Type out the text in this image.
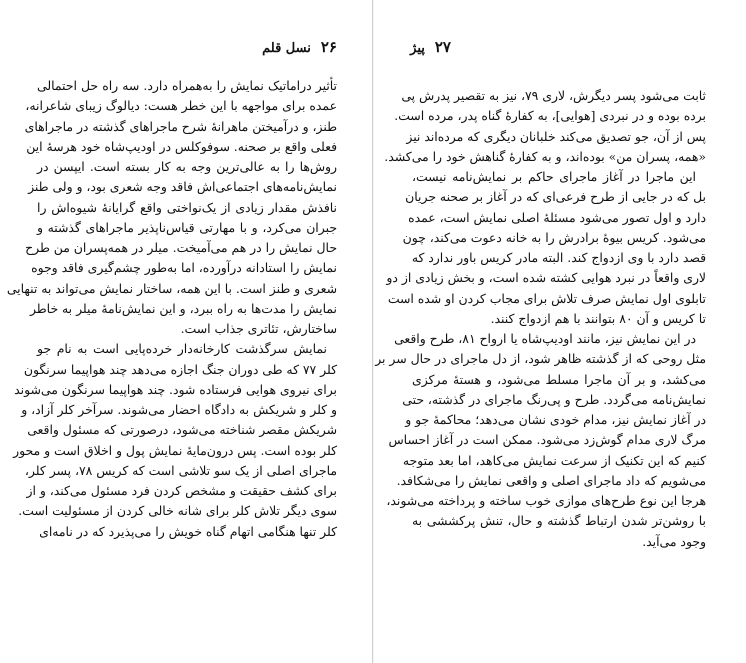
۲۶
نسل قلم
تأثیر دراماتیک نمایش را به‌همراه دارد. سه راه حل احتمالی
عمده برای مواجهه با این خطر هست: دیالوگ زیبای شاعرانه،
طنز، و درآمیختن ماهرانهٔ شرح ماجراهای گذشته در ماجراهای
فعلی واقع بر صحنه. سوفوکلس در اودیپ‌شاه خود هرسهٔ این
روش‌ها را به عالی‌ترین وجه به کار بسته است. ایپسن در
نمایش‌نامه‌های اجتماعی‌اش فاقد وجه شعری بود، و ولی طنز
نافذش مقدار زیادی از یک‌نواختی واقع گرایانهٔ شیوه‌اش را
جبران می‌کرد، و با مهارتی قیاس‌ناپذیر ماجراهای گذشته و
حال نمایش را در هم می‌آمیخت. میلر در همه‌پسران من طرح
نمایش را استادانه درآورده، اما به‌طور چشم‌گیری فاقد وجوه
شعری و طنز است. با این همه، ساختار نمایش می‌تواند به تنهایی
نمایش را مدت‌ها به راه ببرد، و این نمایش‌نامهٔ میلر به خاطر
ساختارش، تئاتری جذاب است.
نمایش سرگذشت کارخانه‌دار خرده‌پایی است به نام جو
کلر ۷۷ که طی دوران جنگ اجازه می‌دهد چند هواپیما سرنگون
برای نیروی هوایی فرستاده شود. چند هواپیما سرنگون می‌شوند
و کلر و شریکش به دادگاه احضار می‌شوند. سرآخر کلر آزاد، و
شریکش مقصر شناخته می‌شود، درصورتی که مسئول واقعی
کلر بوده است. پس درون‌مایهٔ نمایش پول و اخلاق است و محور
ماجرای اصلی از یک سو تلاشی است که کریس ۷۸، پسر کلر،
برای کشف حقیقت و مشخص کردن فرد مسئول می‌کند، و از
سوی دیگر تلاش کلر برای شانه خالی کردن از مسئولیت است.
کلر تنها هنگامی اتهام گناه خویش را می‌پذیرد که در نامه‌ای
۲۷
پیژ
ثابت می‌شود پسر دیگرش، لاری ۷۹، نیز به تقصیر پدرش پی
برده بوده و در نبردی [هوایی]، به کفارهٔ گناه پدر، مرده است.
پس از آن، جو تصدیق می‌کند خلبانان دیگری که مرده‌اند نیز
«همه، پسران من» بوده‌اند، و به کفارهٔ گناهش خود را می‌کشد.
این ماجرا در آغاز ماجرای حاکم بر نمایش‌نامه نیست،
بل که در جایی از طرح فرعی‌ای که در آغاز بر صحنه جریان
دارد و اول تصور می‌شود مسئلهٔ اصلی نمایش است، عمده
می‌شود. کریس بیوهٔ برادرش را به خانه دعوت می‌کند، چون
قصد دارد با وی ازدواج کند. البته مادر کریس باور ندارد که
لاری واقعاً در نبرد هوایی کشته شده است، و بخش زیادی از دو
تابلوی اول نمایش صرف تلاش برای مجاب کردن او شده است
تا کریس و آن ۸۰ بتوانند با هم ازدواج کنند.
در این نمایش نیز، مانند اودیپ‌شاه یا ارواح ۸۱، طرح واقعی
مثل روحی که از گذشته ظاهر شود، از دل ماجرای در حال سر بر
می‌کشد، و بر آن ماجرا مسلط می‌شود، و هستهٔ مرکزی
نمایش‌نامه می‌گردد. طرح و پی‌رنگ ماجرای در گذشته، حتی
در آغاز نمایش نیز، مدام خودی نشان می‌دهد؛ محاکمهٔ جو و
مرگ لاری مدام گوش‌زد می‌شود. ممکن است در آغاز احساس
کنیم که این تکنیک از سرعت نمایش می‌کاهد، اما بعد متوجه
می‌شویم که داد ماجرای اصلی و واقعی نمایش را می‌شکافد.
هرجا این نوع طرح‌های موازی خوب ساخته و پرداخته می‌شوند،
با روشن‌تر شدن ارتباط گذشته و حال، تنش پرکششی به
وجود می‌آید.
